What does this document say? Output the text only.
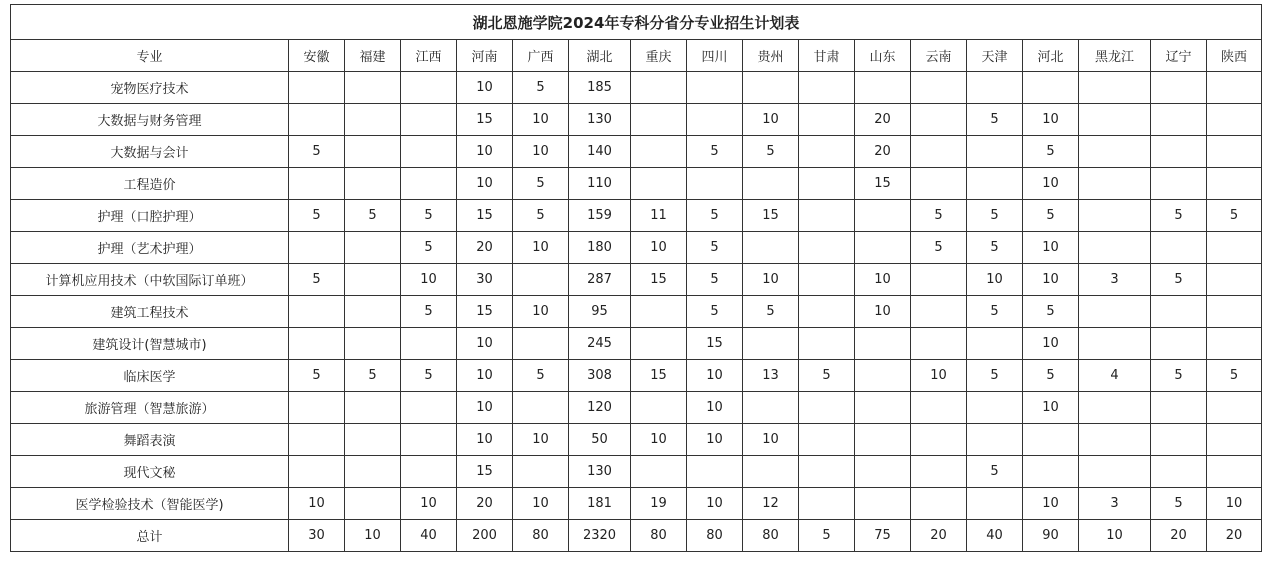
湖北恩施学院2024年专科分省分专业招生计划表																	
专业	安徽	福建	江西	河南	广西	湖北	重庆	四川	贵州	甘肃	山东	云南	天津	河北	黑龙江	辽宁	陕西
宠物医疗技术				10	5	185											
大数据与财务管理				15	10	130			10		20		5	10			
大数据与会计	5			10	10	140		5	5		20			5			
工程造价				10	5	110					15			10			
护理（口腔护理）	5	5	5	15	5	159	11	5	15			5	5	5		5	5
护理（艺术护理）			5	20	10	180	10	5				5	5	10			
计算机应用技术（中软国际订单班）	5		10	30		287	15	5	10		10		10	10	3	5	
建筑工程技术			5	15	10	95		5	5		10		5	5			
建筑设计(智慧城市)				10		245		15						10			
临床医学	5	5	5	10	5	308	15	10	13	5		10	5	5	4	5	5
旅游管理（智慧旅游）				10		120		10						10			
舞蹈表演				10	10	50	10	10	10								
现代文秘				15		130							5				
医学检验技术（智能医学)	10		10	20	10	181	19	10	12					10	3	5	10
总计	30	10	40	200	80	2320	80	80	80	5	75	20	40	90	10	20	20
